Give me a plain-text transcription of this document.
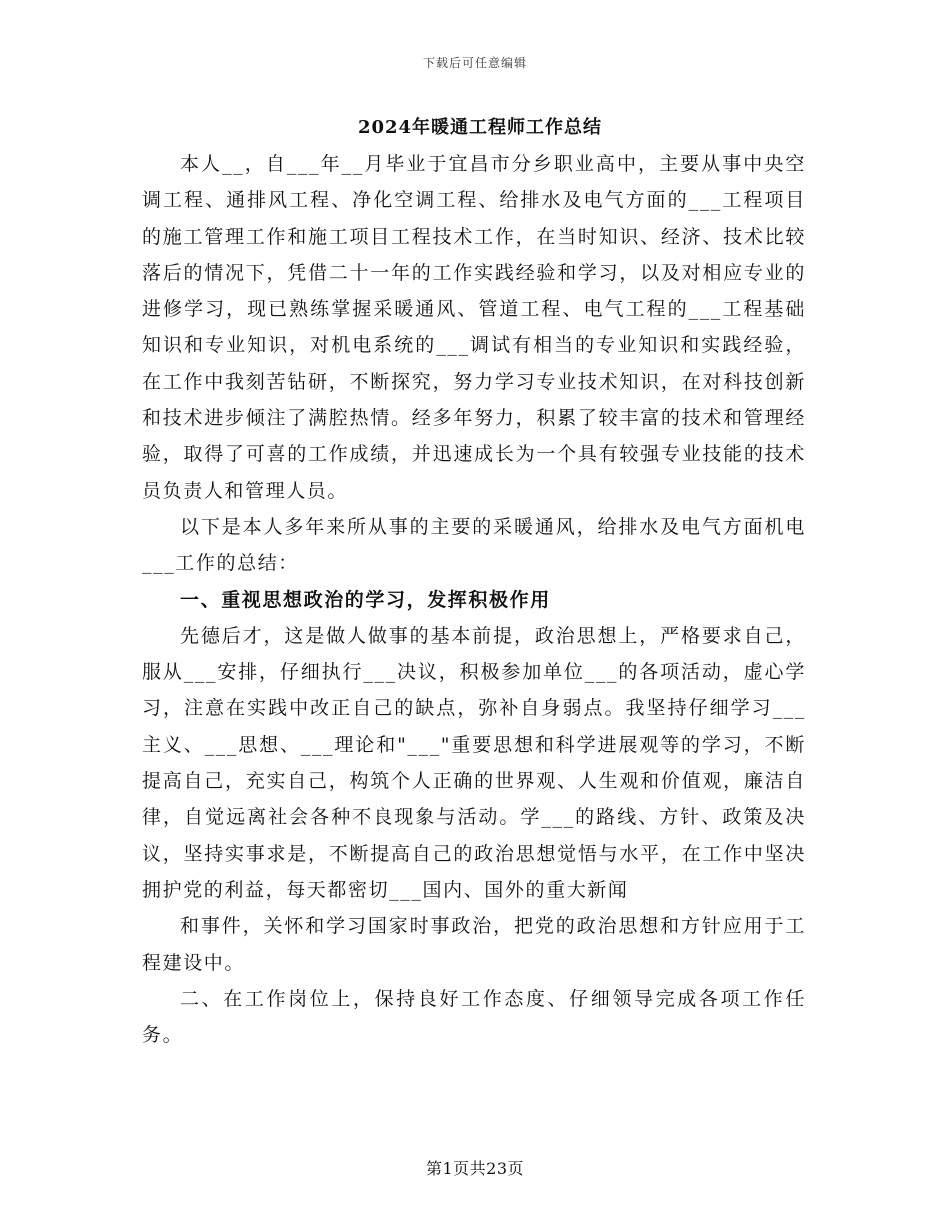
下载后可任意编辑
2024年暖通工程师工作总结

本人__，自___年__月毕业于宜昌市分乡职业高中，主要从事中央空调工程、通排风工程、净化空调工程、给排水及电气方面的___工程项目的施工管理工作和施工项目工程技术工作，在当时知识、经济、技术比较落后的情况下，凭借二十一年的工作实践经验和学习，以及对相应专业的进修学习，现已熟练掌握采暖通风、管道工程、电气工程的___工程基础知识和专业知识，对机电系统的___调试有相当的专业知识和实践经验，在工作中我刻苦钻研，不断探究，努力学习专业技术知识，在对科技创新和技术进步倾注了满腔热情。经多年努力，积累了较丰富的技术和管理经验，取得了可喜的工作成绩，并迅速成长为一个具有较强专业技能的技术员负责人和管理人员。

以下是本人多年来所从事的主要的采暖通风，给排水及电气方面机电___工作的总结：

一、重视思想政治的学习，发挥积极作用

先德后才，这是做人做事的基本前提，政治思想上，严格要求自己，服从___安排，仔细执行___决议，积极参加单位___的各项活动，虚心学习，注意在实践中改正自己的缺点，弥补自身弱点。我坚持仔细学习___主义、___思想、___理论和"___"重要思想和科学进展观等的学习，不断提高自己，充实自己，构筑个人正确的世界观、人生观和价值观，廉洁自律，自觉远离社会各种不良现象与活动。学___的路线、方针、政策及决议，坚持实事求是，不断提高自己的政治思想觉悟与水平，在工作中坚决拥护党的利益，每天都密切___国内、国外的重大新闻

和事件，关怀和学习国家时事政治，把党的政治思想和方针应用于工程建设中。

二、在工作岗位上，保持良好工作态度、仔细领导完成各项工作任务。

第1页共23页
